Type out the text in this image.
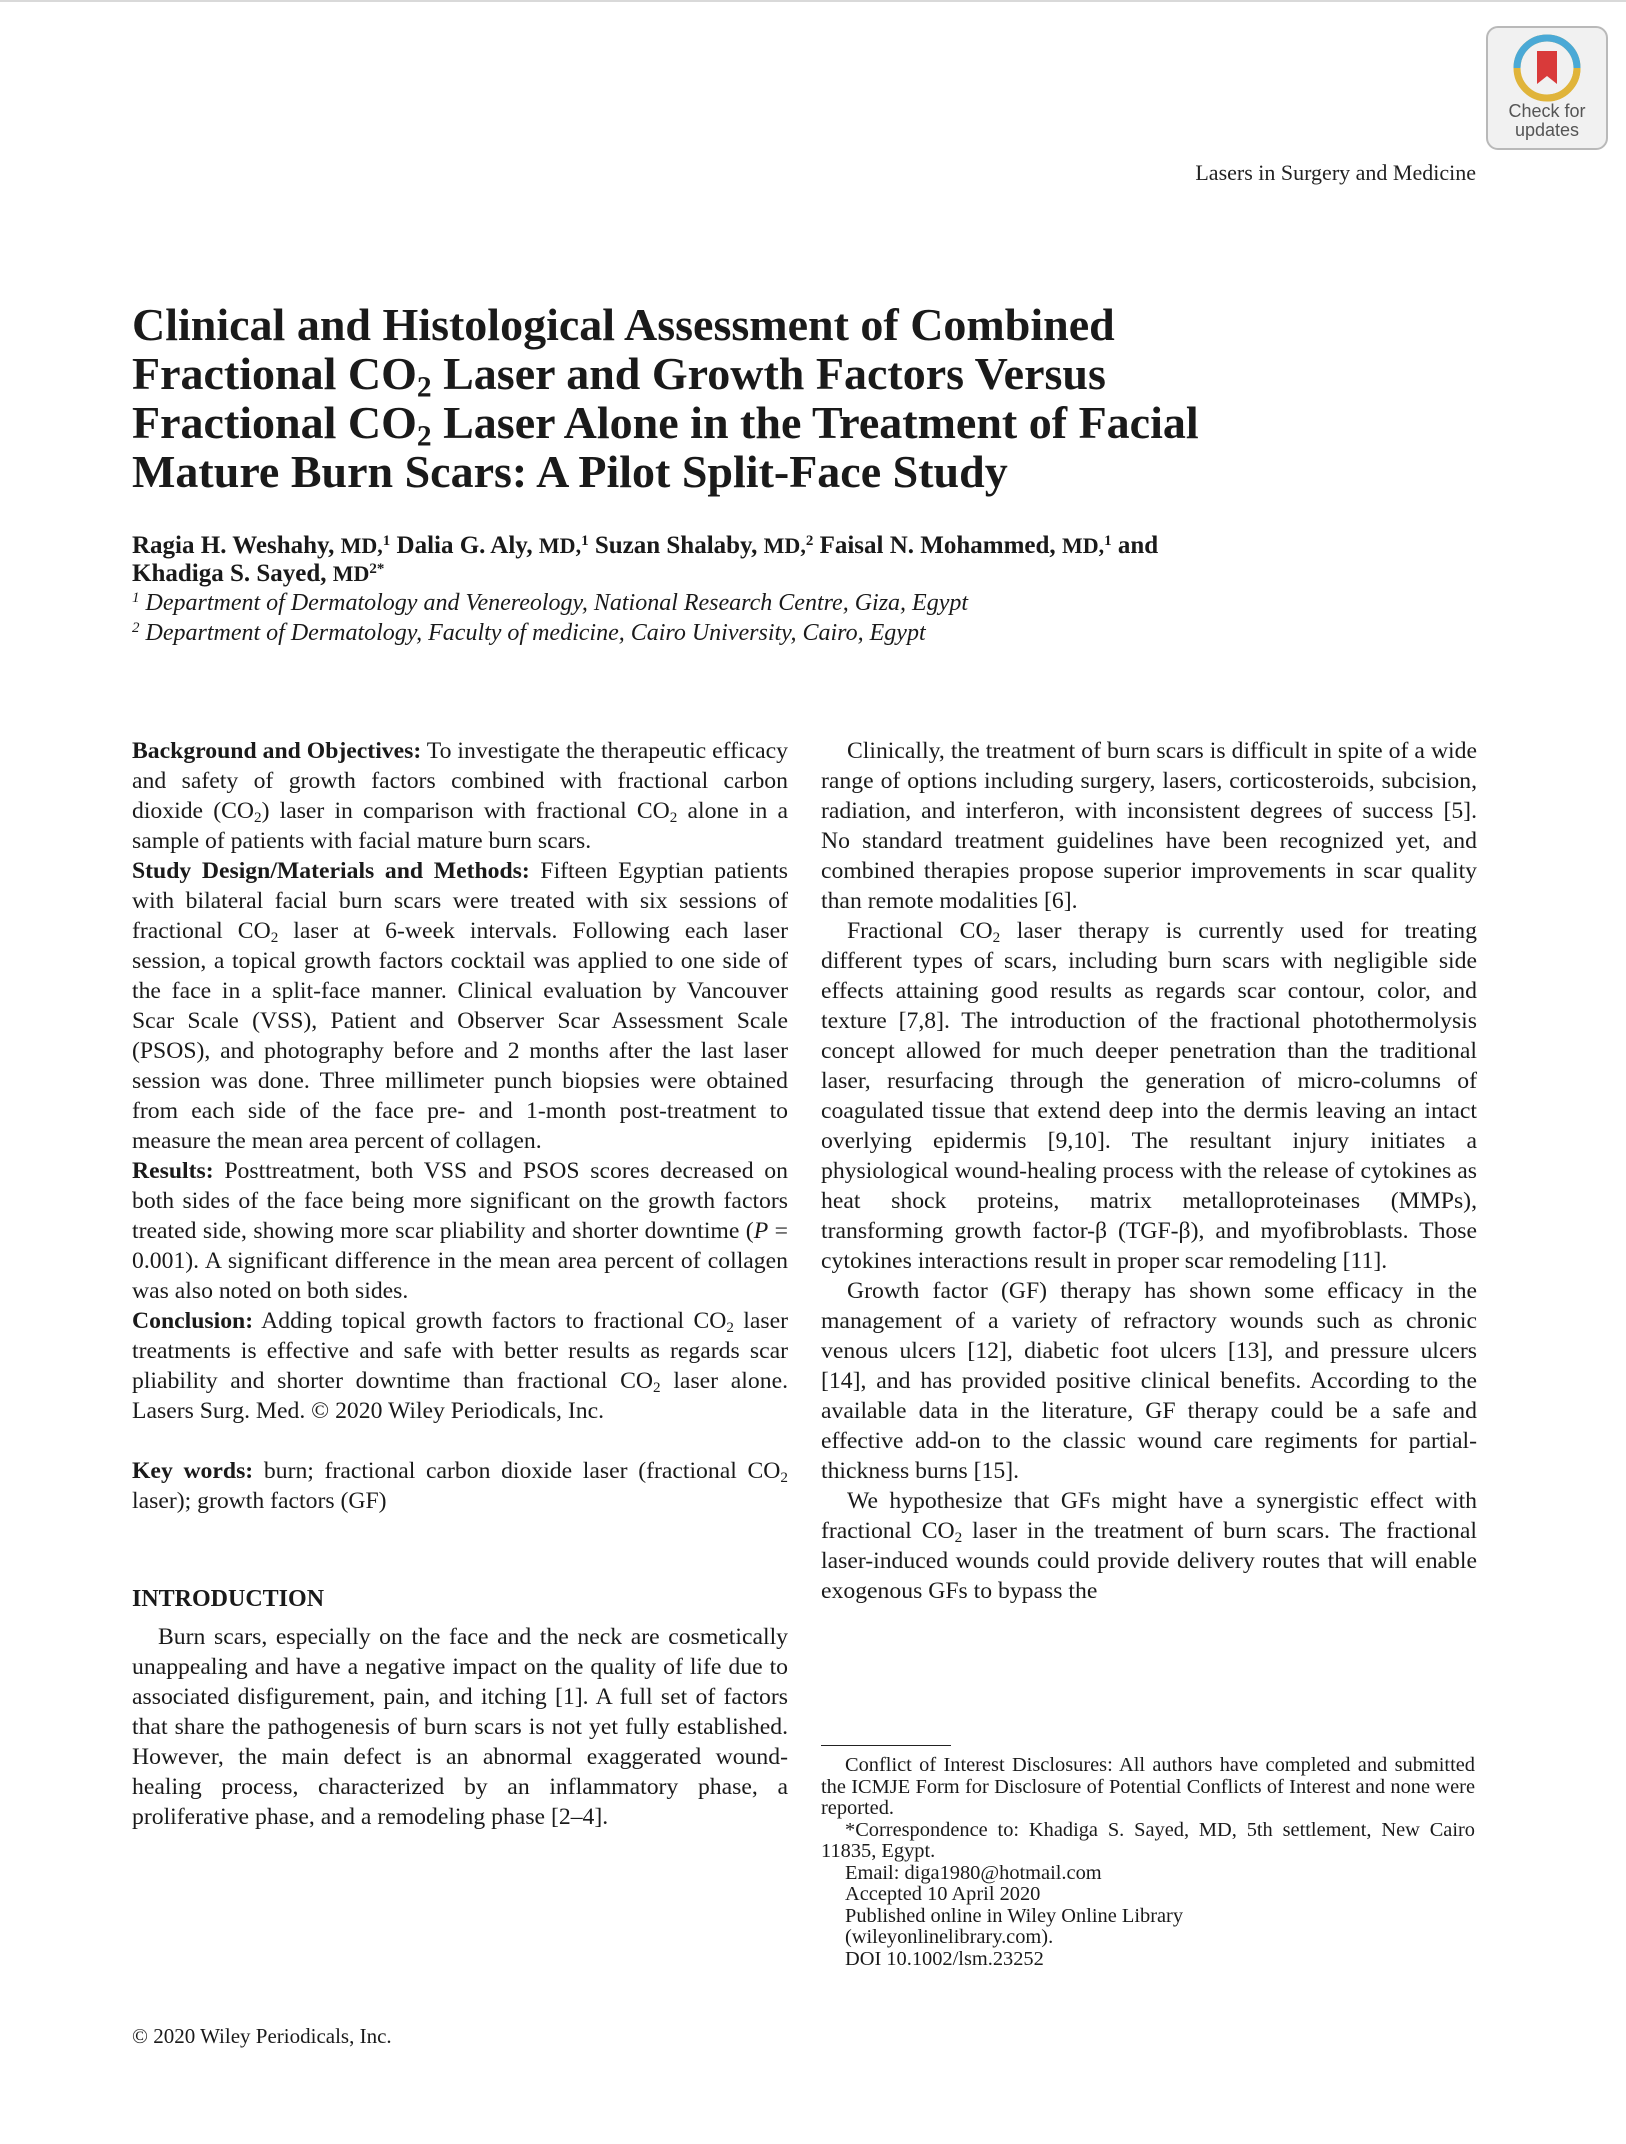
Check for
updates
Lasers in Surgery and Medicine
Clinical and Histological Assessment of Combined
Fractional $CO_2$ Laser and Growth Factors Versus
Fractional $CO_2$ Laser Alone in the Treatment of Facial
Mature Burn Scars: A Pilot Split-Face Study
Ragia H. Weshahy, MD,$^1$ Dalia G. Aly, MD,$^1$ Suzan Shalaby, MD,$^2$ Faisal N. Mohammed, MD,$^1$ and
Khadiga S. Sayed, $MD^{2*}$
$^1$ Department of Dermatology and Venereology, National Research Centre, Giza, Egypt
$^2$ Department of Dermatology, Faculty of medicine, Cairo University, Cairo, Egypt

Background and Objectives: To investigate the therapeutic efficacy and safety of growth factors combined with fractional carbon dioxide $(CO_2)$ laser in comparison with fractional $CO_2$ alone in a sample of patients with facial mature burn scars.

Study Design/Materials and Methods: Fifteen Egyptian patients with bilateral facial burn scars were treated with six sessions of fractional $CO_2$ laser at 6-week intervals. Following each laser session, a topical growth factors cocktail was applied to one side of the face in a split-face manner. Clinical evaluation by Vancouver Scar Scale (VSS), Patient and Observer Scar Assessment Scale (PSOS), and photography before and 2 months after the last laser session was done. Three millimeter punch biopsies were obtained from each side of the face pre- and 1-month post-treatment to measure the mean area percent of collagen.

Results: Posttreatment, both VSS and PSOS scores decreased on both sides of the face being more significant on the growth factors treated side, showing more scar pliability and shorter downtime (P = 0.001). A significant difference in the mean area percent of collagen was also noted on both sides.

Conclusion: Adding topical growth factors to fractional $CO_2$ laser treatments is effective and safe with better results as regards scar pliability and shorter downtime than fractional $CO_2$ laser alone. Lasers Surg. Med. © 2020 Wiley Periodicals, Inc.

Key words: burn; fractional carbon dioxide laser (fractional $CO_2$ laser); growth factors (GF)

INTRODUCTION

Burn scars, especially on the face and the neck are cosmetically unappealing and have a negative impact on the quality of life due to associated disfigurement, pain, and itching [1]. A full set of factors that share the pathogenesis of burn scars is not yet fully established. However, the main defect is an abnormal exaggerated wound-healing process, characterized by an inflammatory phase, a proliferative phase, and a remodeling phase [2–4].

Clinically, the treatment of burn scars is difficult in spite of a wide range of options including surgery, lasers, corticosteroids, subcision, radiation, and interferon, with inconsistent degrees of success [5]. No standard treatment guidelines have been recognized yet, and combined therapies propose superior improvements in scar quality than remote modalities [6].

Fractional $CO_2$ laser therapy is currently used for treating different types of scars, including burn scars with negligible side effects attaining good results as regards scar contour, color, and texture [7,8]. The introduction of the fractional photothermolysis concept allowed for much deeper penetration than the traditional laser, resurfacing through the generation of micro-columns of coagulated tissue that extend deep into the dermis leaving an intact overlying epidermis [9,10]. The resultant injury initiates a physiological wound-healing process with the release of cytokines as heat shock proteins, matrix metalloproteinases (MMPs), transforming growth factor-β (TGF-β), and myofibroblasts. Those cytokines interactions result in proper scar remodeling [11].

Growth factor (GF) therapy has shown some efficacy in the management of a variety of refractory wounds such as chronic venous ulcers [12], diabetic foot ulcers [13], and pressure ulcers [14], and has provided positive clinical benefits. According to the available data in the literature, GF therapy could be a safe and effective add-on to the classic wound care regiments for partial-thickness burns [15].

We hypothesize that GFs might have a synergistic effect with fractional $CO_2$ laser in the treatment of burn scars. The fractional laser-induced wounds could provide delivery routes that will enable exogenous GFs to bypass the

Conflict of Interest Disclosures: All authors have completed and submitted the ICMJE Form for Disclosure of Potential Conflicts of Interest and none were reported.

*Correspondence to: Khadiga S. Sayed, MD, 5th settlement, New Cairo 11835, Egypt.

Email: diga1980@hotmail.com

Accepted 10 April 2020

Published online in Wiley Online Library

(wileyonlinelibrary.com).

DOI 10.1002/lsm.23252

© 2020 Wiley Periodicals, Inc.
